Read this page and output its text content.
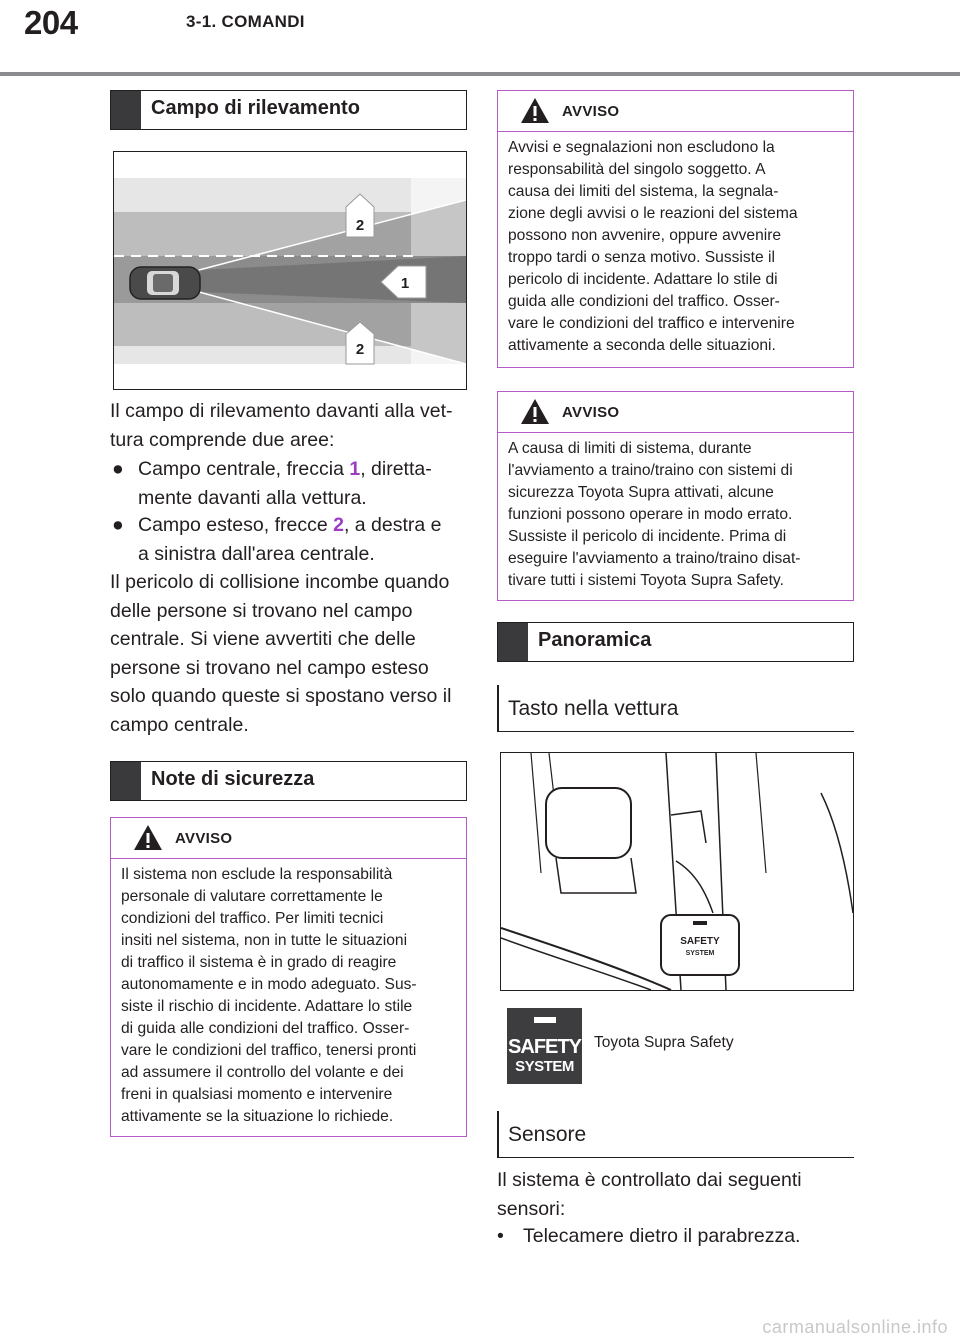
204	3-1. COMANDI
Campo di rilevamento
2
1
2
Il campo di rilevamento davanti alla vet-
tura comprende due aree:
● Campo centrale, freccia 1, diretta-
mente davanti alla vettura.
● Campo esteso, frecce 2, a destra e
a sinistra dall'area centrale.
Il pericolo di collisione incombe quando
delle persone si trovano nel campo
centrale. Si viene avvertiti che delle
persone si trovano nel campo esteso
solo quando queste si spostano verso il
campo centrale.
Note di sicurezza
AVVISO
Il sistema non esclude la responsabilità
personale di valutare correttamente le
condizioni del traffico. Per limiti tecnici
insiti nel sistema, non in tutte le situazioni
di traffico il sistema è in grado di reagire
autonomamente e in modo adeguato. Sus-
siste il rischio di incidente. Adattare lo stile
di guida alle condizioni del traffico. Osser-
vare le condizioni del traffico, tenersi pronti
ad assumere il controllo del volante e dei
freni in qualsiasi momento e intervenire
attivamente se la situazione lo richiede.
AVVISO
Avvisi e segnalazioni non escludono la
responsabilità del singolo soggetto. A
causa dei limiti del sistema, la segnala-
zione degli avvisi o le reazioni del sistema
possono non avvenire, oppure avvenire
troppo tardi o senza motivo. Sussiste il
pericolo di incidente. Adattare lo stile di
guida alle condizioni del traffico. Osser-
vare le condizioni del traffico e intervenire
attivamente a seconda delle situazioni.
AVVISO
A causa di limiti di sistema, durante
l'avviamento a traino/traino con sistemi di
sicurezza Toyota Supra attivati, alcune
funzioni possono operare in modo errato.
Sussiste il pericolo di incidente. Prima di
eseguire l'avviamento a traino/traino disat-
tivare tutti i sistemi Toyota Supra Safety.
Panoramica
Tasto nella vettura
SAFETY
SYSTEM
SAFETY
SYSTEM
Toyota Supra Safety
Sensore
Il sistema è controllato dai seguenti
sensori:
• Telecamere dietro il parabrezza.
carmanualsonline.info
